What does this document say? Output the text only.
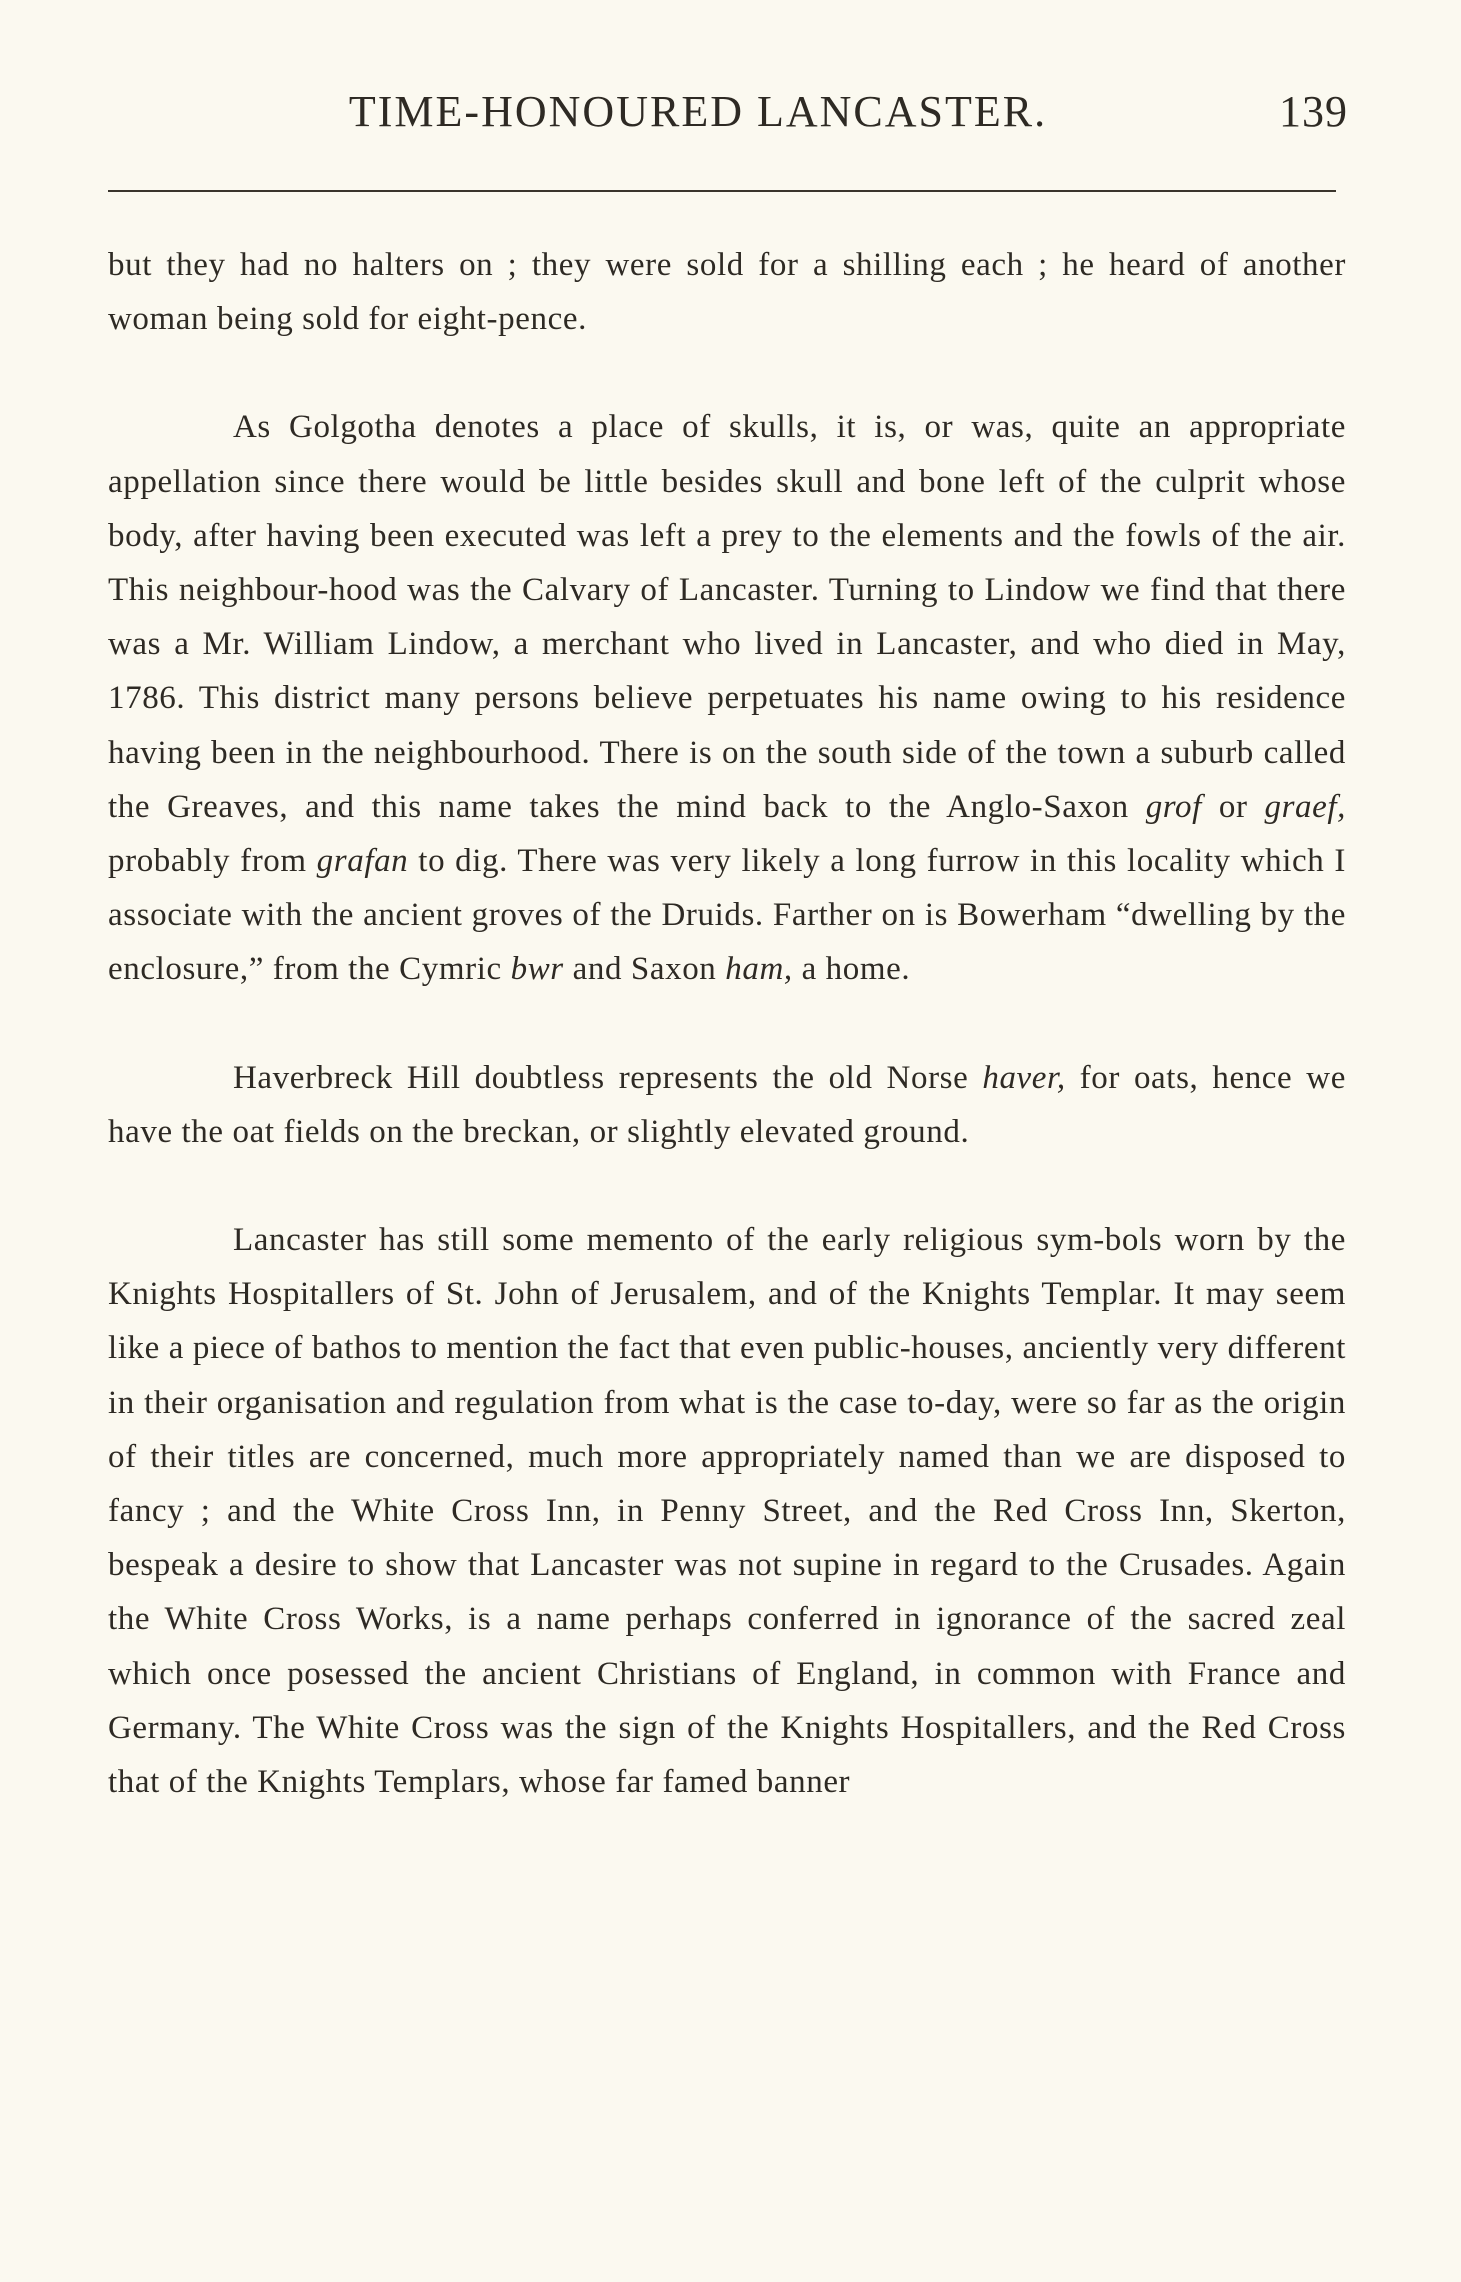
TIME-HONOURED LANCASTER.	139

but they had no halters on ; they were sold for a shilling each ; he heard of another woman being sold for eight-pence.

As Golgotha denotes a place of skulls, it is, or was, quite an appropriate appellation since there would be little besides skull and bone left of the culprit whose body, after having been executed was left a prey to the elements and the fowls of the air. This neighbour-hood was the Calvary of Lancaster. Turning to Lindow we find that there was a Mr. William Lindow, a merchant who lived in Lancaster, and who died in May, 1786. This district many persons believe perpetuates his name owing to his residence having been in the neighbourhood. There is on the south side of the town a suburb called the Greaves, and this name takes the mind back to the Anglo-Saxon grof or graef, probably from grafan to dig. There was very likely a long furrow in this locality which I associate with the ancient groves of the Druids. Farther on is Bowerham “dwelling by the enclosure,” from the Cymric bwr and Saxon ham, a home.

Haverbreck Hill doubtless represents the old Norse haver, for oats, hence we have the oat fields on the breckan, or slightly elevated ground.

Lancaster has still some memento of the early religious sym-bols worn by the Knights Hospitallers of St. John of Jerusalem, and of the Knights Templar. It may seem like a piece of bathos to mention the fact that even public-houses, anciently very different in their organisation and regulation from what is the case to-day, were so far as the origin of their titles are concerned, much more appropriately named than we are disposed to fancy ; and the White Cross Inn, in Penny Street, and the Red Cross Inn, Skerton, bespeak a desire to show that Lancaster was not supine in regard to the Crusades. Again the White Cross Works, is a name perhaps conferred in ignorance of the sacred zeal which once posessed the ancient Christians of England, in common with France and Germany. The White Cross was the sign of the Knights Hospitallers, and the Red Cross that of the Knights Templars, whose far famed banner
